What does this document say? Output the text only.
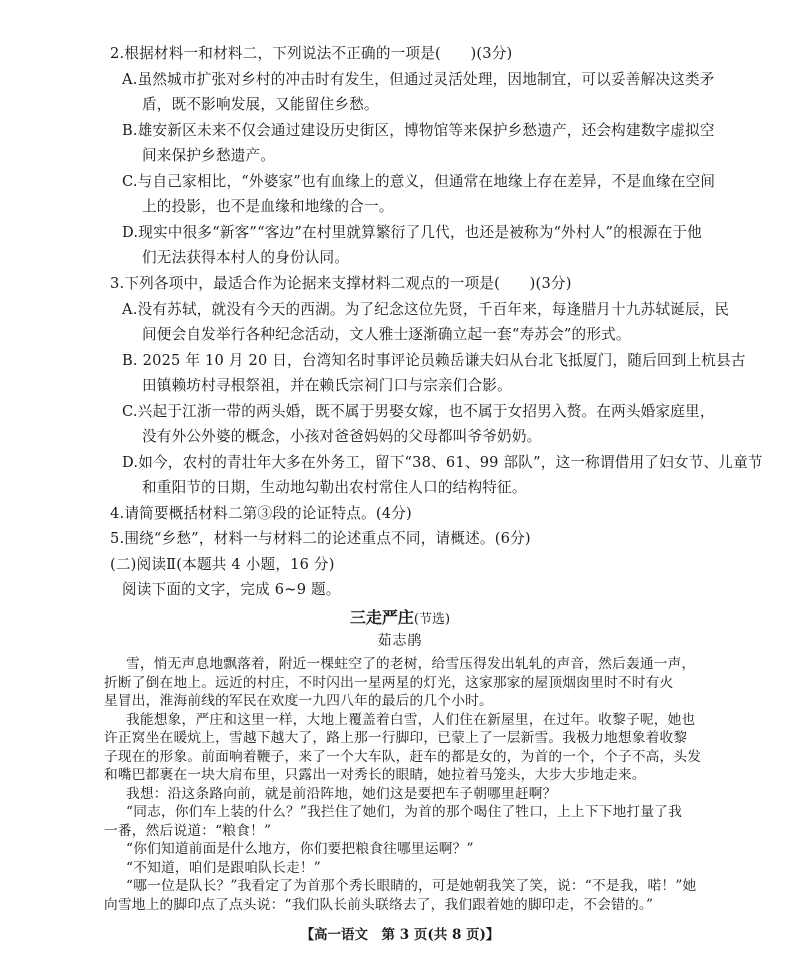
2.根据材料一和材料二，下列说法不正确的一项是(　　)(3分)
A.虽然城市扩张对乡村的冲击时有发生，但通过灵活处理，因地制宜，可以妥善解决这类矛
盾，既不影响发展，又能留住乡愁。
B.雄安新区未来不仅会通过建设历史街区，博物馆等来保护乡愁遗产，还会构建数字虚拟空
间来保护乡愁遗产。
C.与自己家相比，“外婆家”也有血缘上的意义，但通常在地缘上存在差异，不是血缘在空间
上的投影，也不是血缘和地缘的合一。
D.现实中很多“新客”“客边”在村里就算繁衍了几代，也还是被称为“外村人”的根源在于他
们无法获得本村人的身份认同。
3.下列各项中，最适合作为论据来支撑材料二观点的一项是(　　)(3分)
A.没有苏轼，就没有今天的西湖。为了纪念这位先贤，千百年来，每逢腊月十九苏轼诞辰，民
间便会自发举行各种纪念活动，文人雅士逐渐确立起一套“寿苏会”的形式。
B. 2025 年 10 月 20 日，台湾知名时事评论员赖岳谦夫妇从台北飞抵厦门，随后回到上杭县古
田镇赖坊村寻根祭祖，并在赖氏宗祠门口与宗亲们合影。
C.兴起于江浙一带的两头婚，既不属于男娶女嫁，也不属于女招男入赘。在两头婚家庭里，
没有外公外婆的概念，小孩对爸爸妈妈的父母都叫爷爷奶奶。
D.如今，农村的青壮年大多在外务工，留下“38、61、99 部队”，这一称谓借用了妇女节、儿童节
和重阳节的日期，生动地勾勒出农村常住人口的结构特征。
4.请简要概括材料二第③段的论证特点。(4分)
5.围绕“乡愁”，材料一与材料二的论述重点不同，请概述。(6分)
(二)阅读Ⅱ(本题共 4 小题，16 分)
阅读下面的文字，完成 6~9 题。
三走严庄(节选)
茹志鹃
雪，悄无声息地飘落着，附近一棵蛀空了的老树，给雪压得发出轧轧的声音，然后轰通一声，
折断了倒在地上。远近的村庄，不时闪出一星两星的灯光，这家那家的屋顶烟囱里时不时有火
星冒出，淮海前线的军民在欢度一九四八年的最后的几个小时。
我能想象，严庄和这里一样，大地上覆盖着白雪，人们住在新屋里，在过年。收黎子呢，她也
许正窝坐在暖炕上，雪越下越大了，路上那一行脚印，已蒙上了一层新雪。我极力地想象着收黎
子现在的形象。前面响着鞭子，来了一个大车队，赶车的都是女的，为首的一个，个子不高，头发
和嘴巴都裹在一块大肩布里，只露出一对秀长的眼睛，她拉着马笼头，大步大步地走来。
我想：沿这条路向前，就是前沿阵地，她们这是要把车子朝哪里赶啊？
“同志，你们车上装的什么？”我拦住了她们，为首的那个喝住了牲口，上上下下地打量了我
一番，然后说道：“粮食！”
“你们知道前面是什么地方，你们要把粮食往哪里运啊？”
“不知道，咱们是跟咱队长走！”
“哪一位是队长？”我看定了为首那个秀长眼睛的，可是她朝我笑了笑，说：“不是我，喏！”她
向雪地上的脚印点了点头说：“我们队长前头联络去了，我们跟着她的脚印走，不会错的。”
【高一语文　第 3 页(共 8 页)】
